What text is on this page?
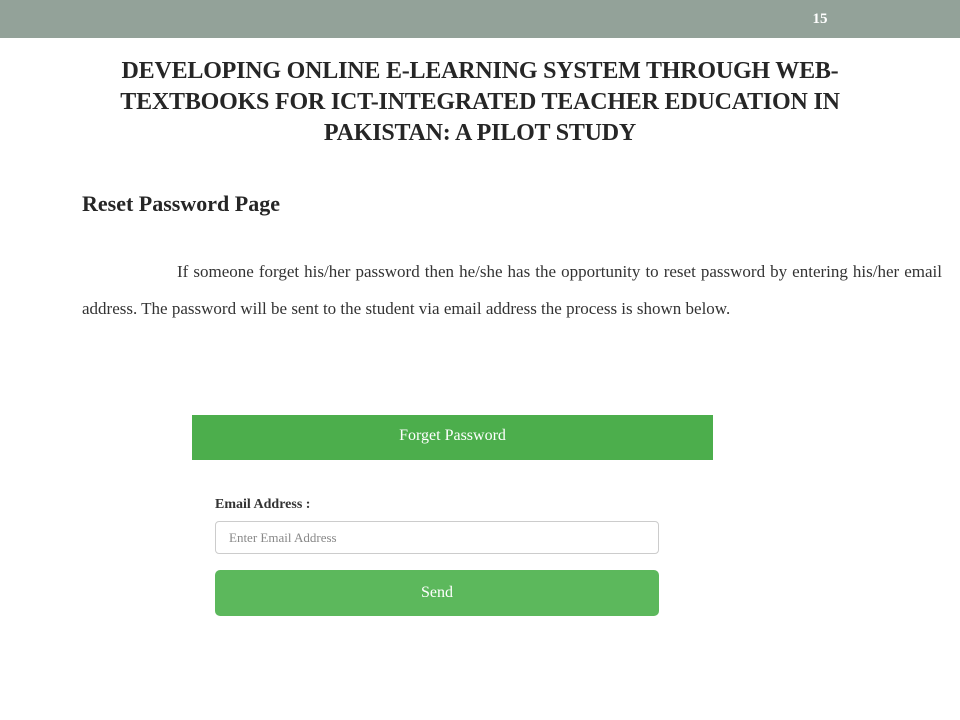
15
DEVELOPING ONLINE E-LEARNING SYSTEM THROUGH WEB-TEXTBOOKS FOR ICT-INTEGRATED TEACHER EDUCATION IN PAKISTAN: A PILOT STUDY
Reset Password Page

If someone forget his/her password then he/she has the opportunity to reset password by entering his/her email address. The password will be sent to the student via email address the process is shown below.

Forget Password
Email Address :
Enter Email Address
Send
